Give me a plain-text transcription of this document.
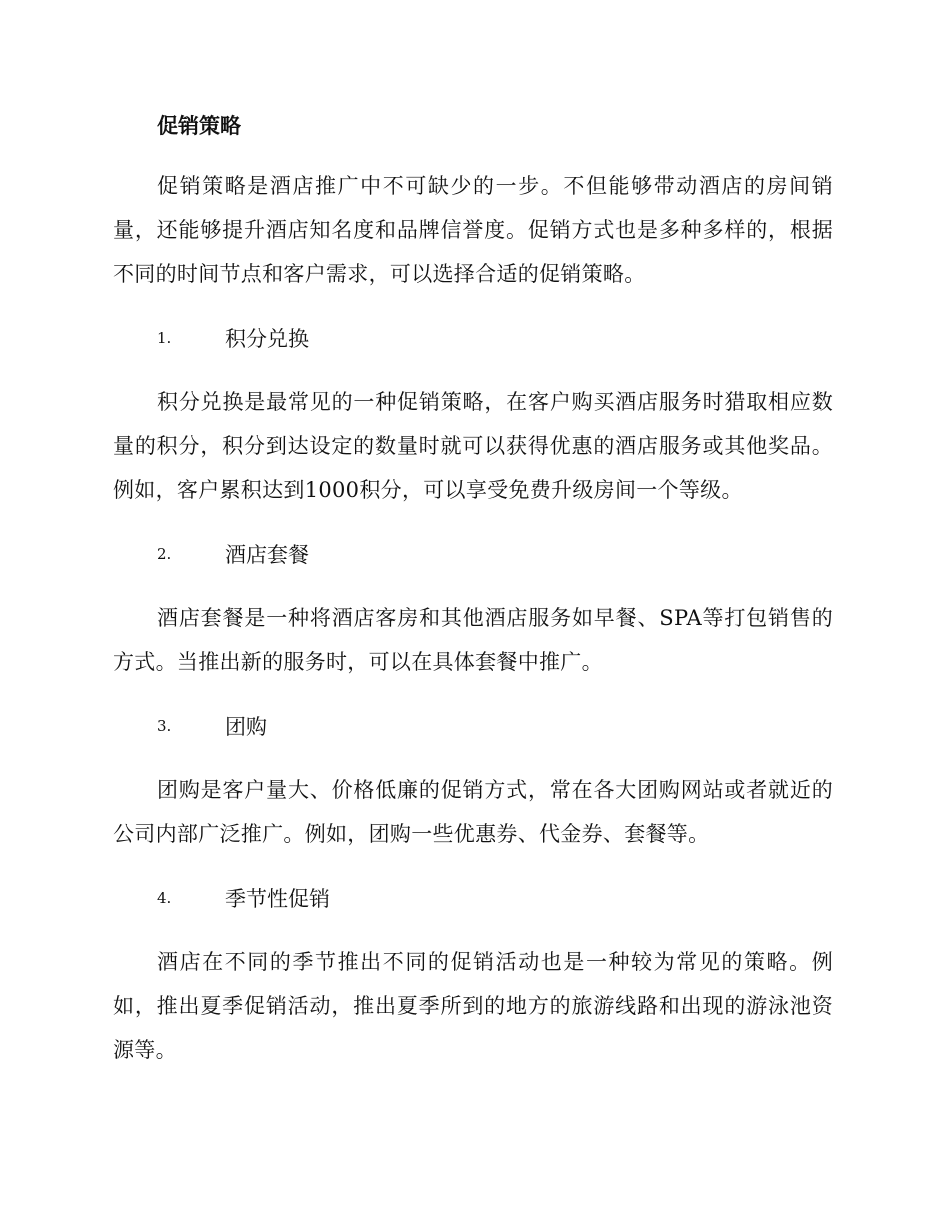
促销策略

促销策略是酒店推广中不可缺少的一步。不但能够带动酒店的房间销量，还能够提升酒店知名度和品牌信誉度。促销方式也是多种多样的，根据不同的时间节点和客户需求，可以选择合适的促销策略。

1.	积分兑换

积分兑换是最常见的一种促销策略，在客户购买酒店服务时猎取相应数量的积分，积分到达设定的数量时就可以获得优惠的酒店服务或其他奖品。例如，客户累积达到1000积分，可以享受免费升级房间一个等级。

2.	酒店套餐

酒店套餐是一种将酒店客房和其他酒店服务如早餐、SPA等打包销售的方式。当推出新的服务时，可以在具体套餐中推广。

3.	团购

团购是客户量大、价格低廉的促销方式，常在各大团购网站或者就近的公司内部广泛推广。例如，团购一些优惠券、代金券、套餐等。

4.	季节性促销

酒店在不同的季节推出不同的促销活动也是一种较为常见的策略。例如，推出夏季促销活动，推出夏季所到的地方的旅游线路和出现的游泳池资源等。
